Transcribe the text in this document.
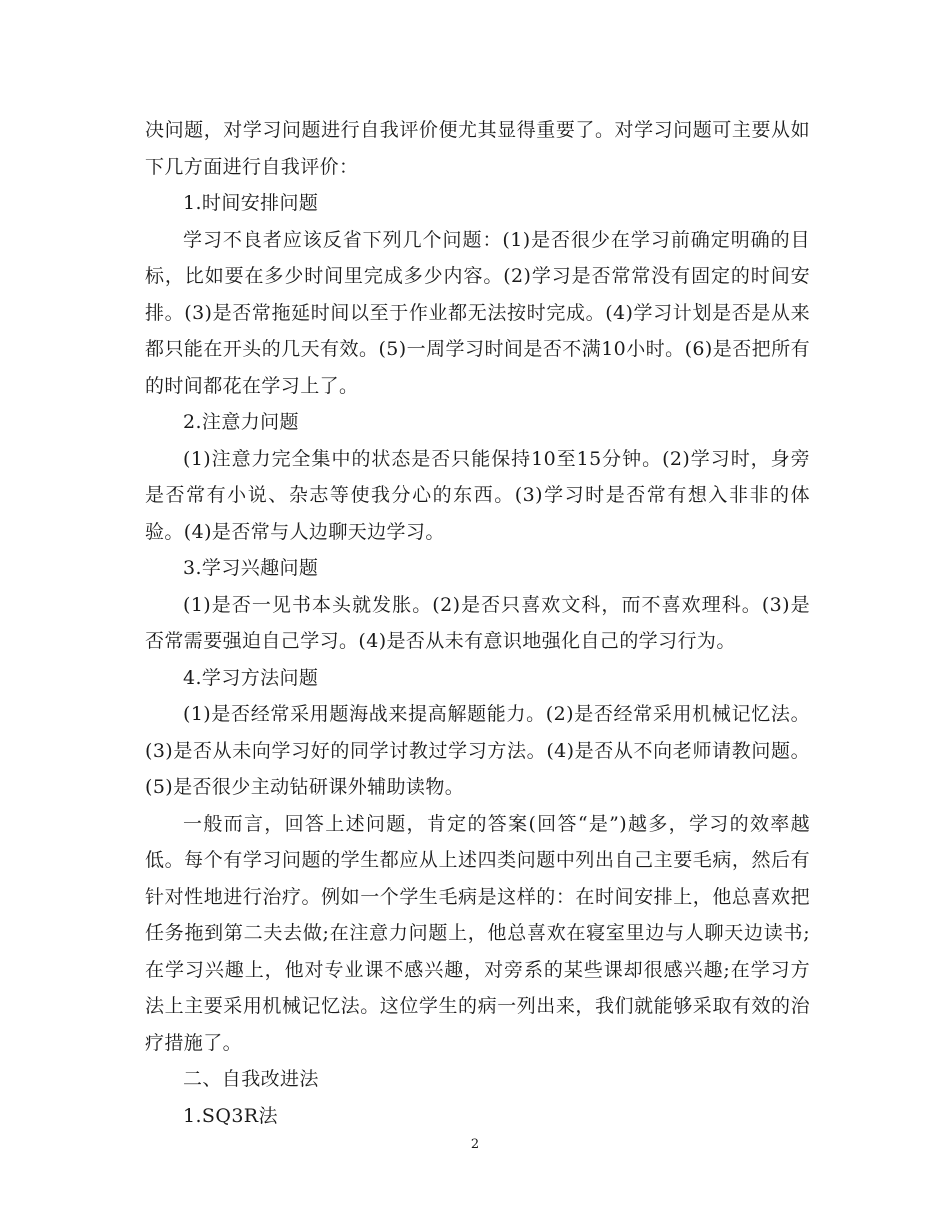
决问题，对学习问题进行自我评价便尤其显得重要了。对学习问题可主要从如下几方面进行自我评价：

1.时间安排问题

学习不良者应该反省下列几个问题：(1)是否很少在学习前确定明确的目标，比如要在多少时间里完成多少内容。(2)学习是否常常没有固定的时间安排。(3)是否常拖延时间以至于作业都无法按时完成。(4)学习计划是否是从来都只能在开头的几天有效。(5)一周学习时间是否不满10小时。(6)是否把所有的时间都花在学习上了。

2.注意力问题

(1)注意力完全集中的状态是否只能保持10至15分钟。(2)学习时，身旁是否常有小说、杂志等使我分心的东西。(3)学习时是否常有想入非非的体验。(4)是否常与人边聊天边学习。

3.学习兴趣问题

(1)是否一见书本头就发胀。(2)是否只喜欢文科，而不喜欢理科。(3)是否常需要强迫自己学习。(4)是否从未有意识地强化自己的学习行为。

4.学习方法问题

(1)是否经常采用题海战来提高解题能力。(2)是否经常采用机械记忆法。(3)是否从未向学习好的同学讨教过学习方法。(4)是否从不向老师请教问题。(5)是否很少主动钻研课外辅助读物。

一般而言，回答上述问题，肯定的答案(回答“是”)越多，学习的效率越低。每个有学习问题的学生都应从上述四类问题中列出自己主要毛病，然后有针对性地进行治疗。例如一个学生毛病是这样的：在时间安排上，他总喜欢把任务拖到第二夫去做;在注意力问题上，他总喜欢在寝室里边与人聊天边读书;在学习兴趣上，他对专业课不感兴趣，对旁系的某些课却很感兴趣;在学习方法上主要采用机械记忆法。这位学生的病一列出来，我们就能够采取有效的治疗措施了。

二、自我改进法

1.SQ3R法

2
